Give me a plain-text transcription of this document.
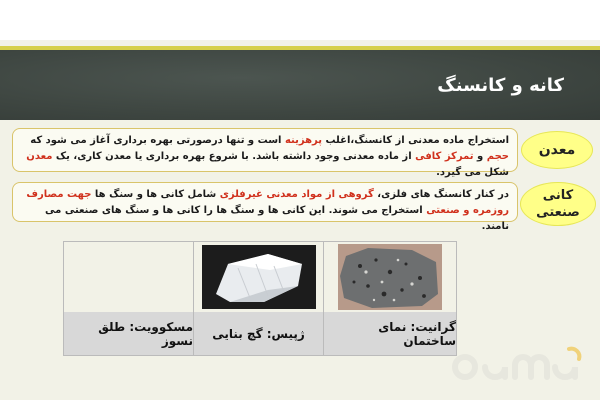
کانه و کانسنگ
معدن
استخراج ماده معدنی از کانسنگ،اغلب پرهزینه است و تنها درصورتی بهره برداری آغاز می شود که حجم و تمرکز کافی از ماده معدنی وجود داشته باشد. با شروع بهره برداری یا معدن کاری، یک معدن شکل می گیرد.
کانی
صنعتی
در کنار کانسنگ های فلزی، گروهی از مواد معدنی غیرفلزی شامل کانی ها و سنگ ها جهت مصارف روزمره و صنعتی استخراج می شوند. این کانی ها و سنگ ها را کانی ها و سنگ های صنعتی می نامند.
مسکوویت: طلق نسوز	ژپیس: گچ بنایی	گرانیت: نمای ساختمان
